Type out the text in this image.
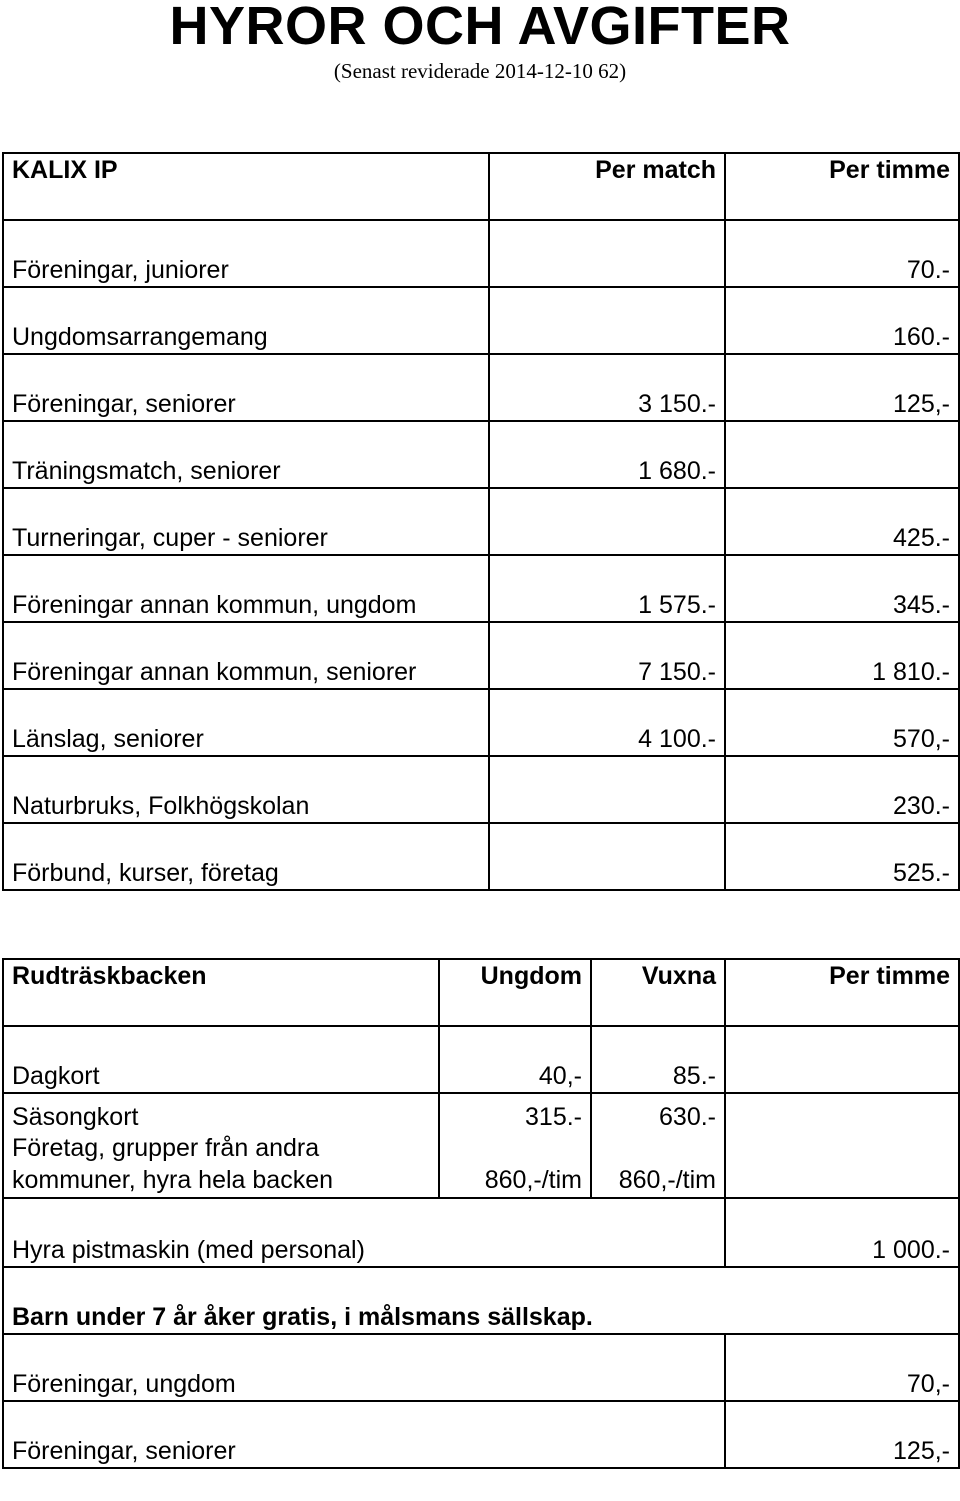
HYROR OCH AVGIFTER
(Senast reviderade 2014-12-10 62)
KALIX IP	Per match	Per timme
Föreningar, juniorer		70.-
Ungdomsarrangemang		160.-
Föreningar, seniorer	3 150.-	125,-
Träningsmatch, seniorer	1 680.-	
Turneringar, cuper - seniorer		425.-
Föreningar annan kommun, ungdom	1 575.-	345.-
Föreningar annan kommun, seniorer	7 150.-	1 810.-
Länslag, seniorer	4 100.-	570,-
Naturbruks, Folkhögskolan		230.-
Förbund, kurser, företag		525.-
Rudträskbacken	Ungdom	Vuxna	Per timme
Dagkort	40,-	85.-	
Säsongkort	315.-	630.-	

Företag, grupper från andra
kommuner, hyra hela backen	860,-/tim	860,-/tim	
Hyra pistmaskin (med personal)			1 000.-
Barn under 7 år åker gratis, i målsmans sällskap.			
Föreningar, ungdom			70,-
Föreningar, seniorer			125,-
